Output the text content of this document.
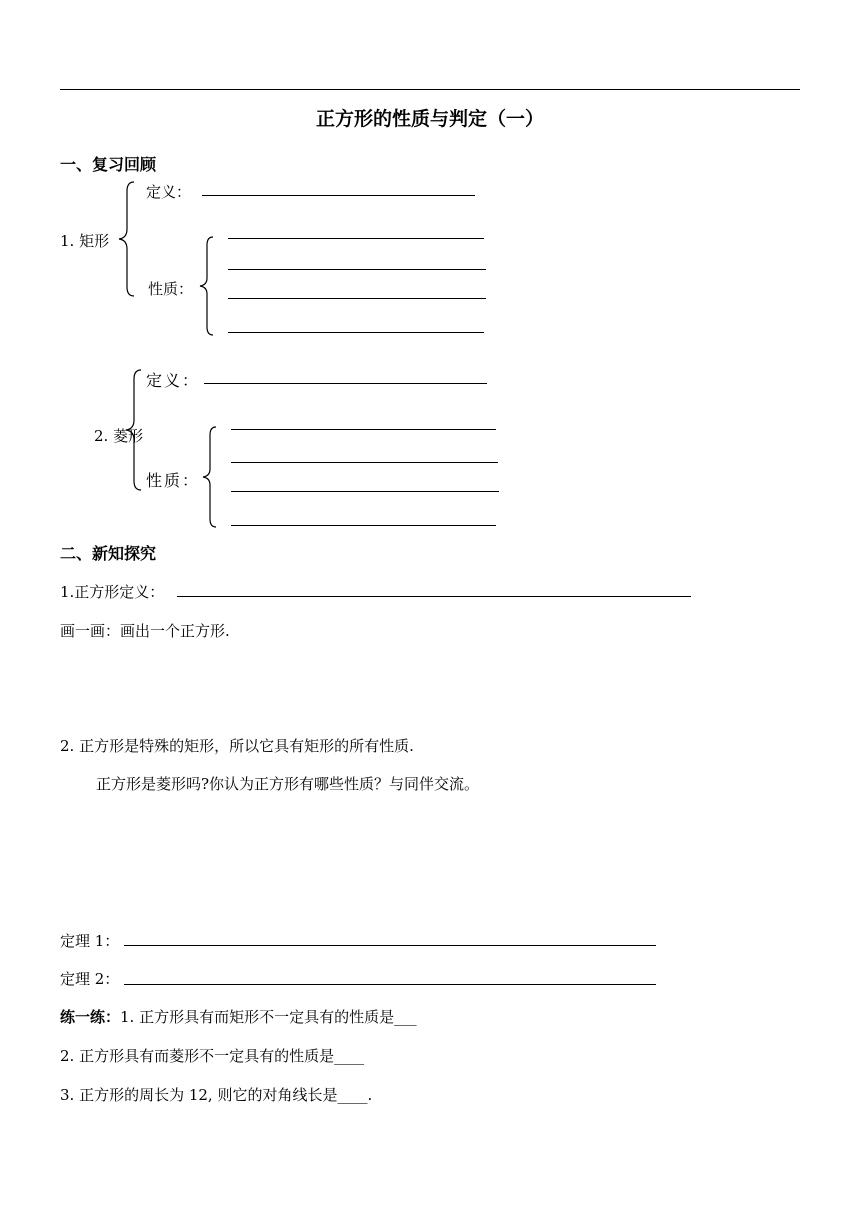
正方形的性质与判定（一）
一、复习回顾
1. 矩形
定义：
性质：
2. 菱形
定义：
性质：
二、新知探究
1.正方形定义：
画一画：画出一个正方形.
2. 正方形是特殊的矩形，所以它具有矩形的所有性质.
正方形是菱形吗?你认为正方形有哪些性质？与同伴交流。
定理 1：
定理 2：
练一练：1. 正方形具有而矩形不一定具有的性质是___
2. 正方形具有而菱形不一定具有的性质是____
3. 正方形的周长为 12, 则它的对角线长是____.
